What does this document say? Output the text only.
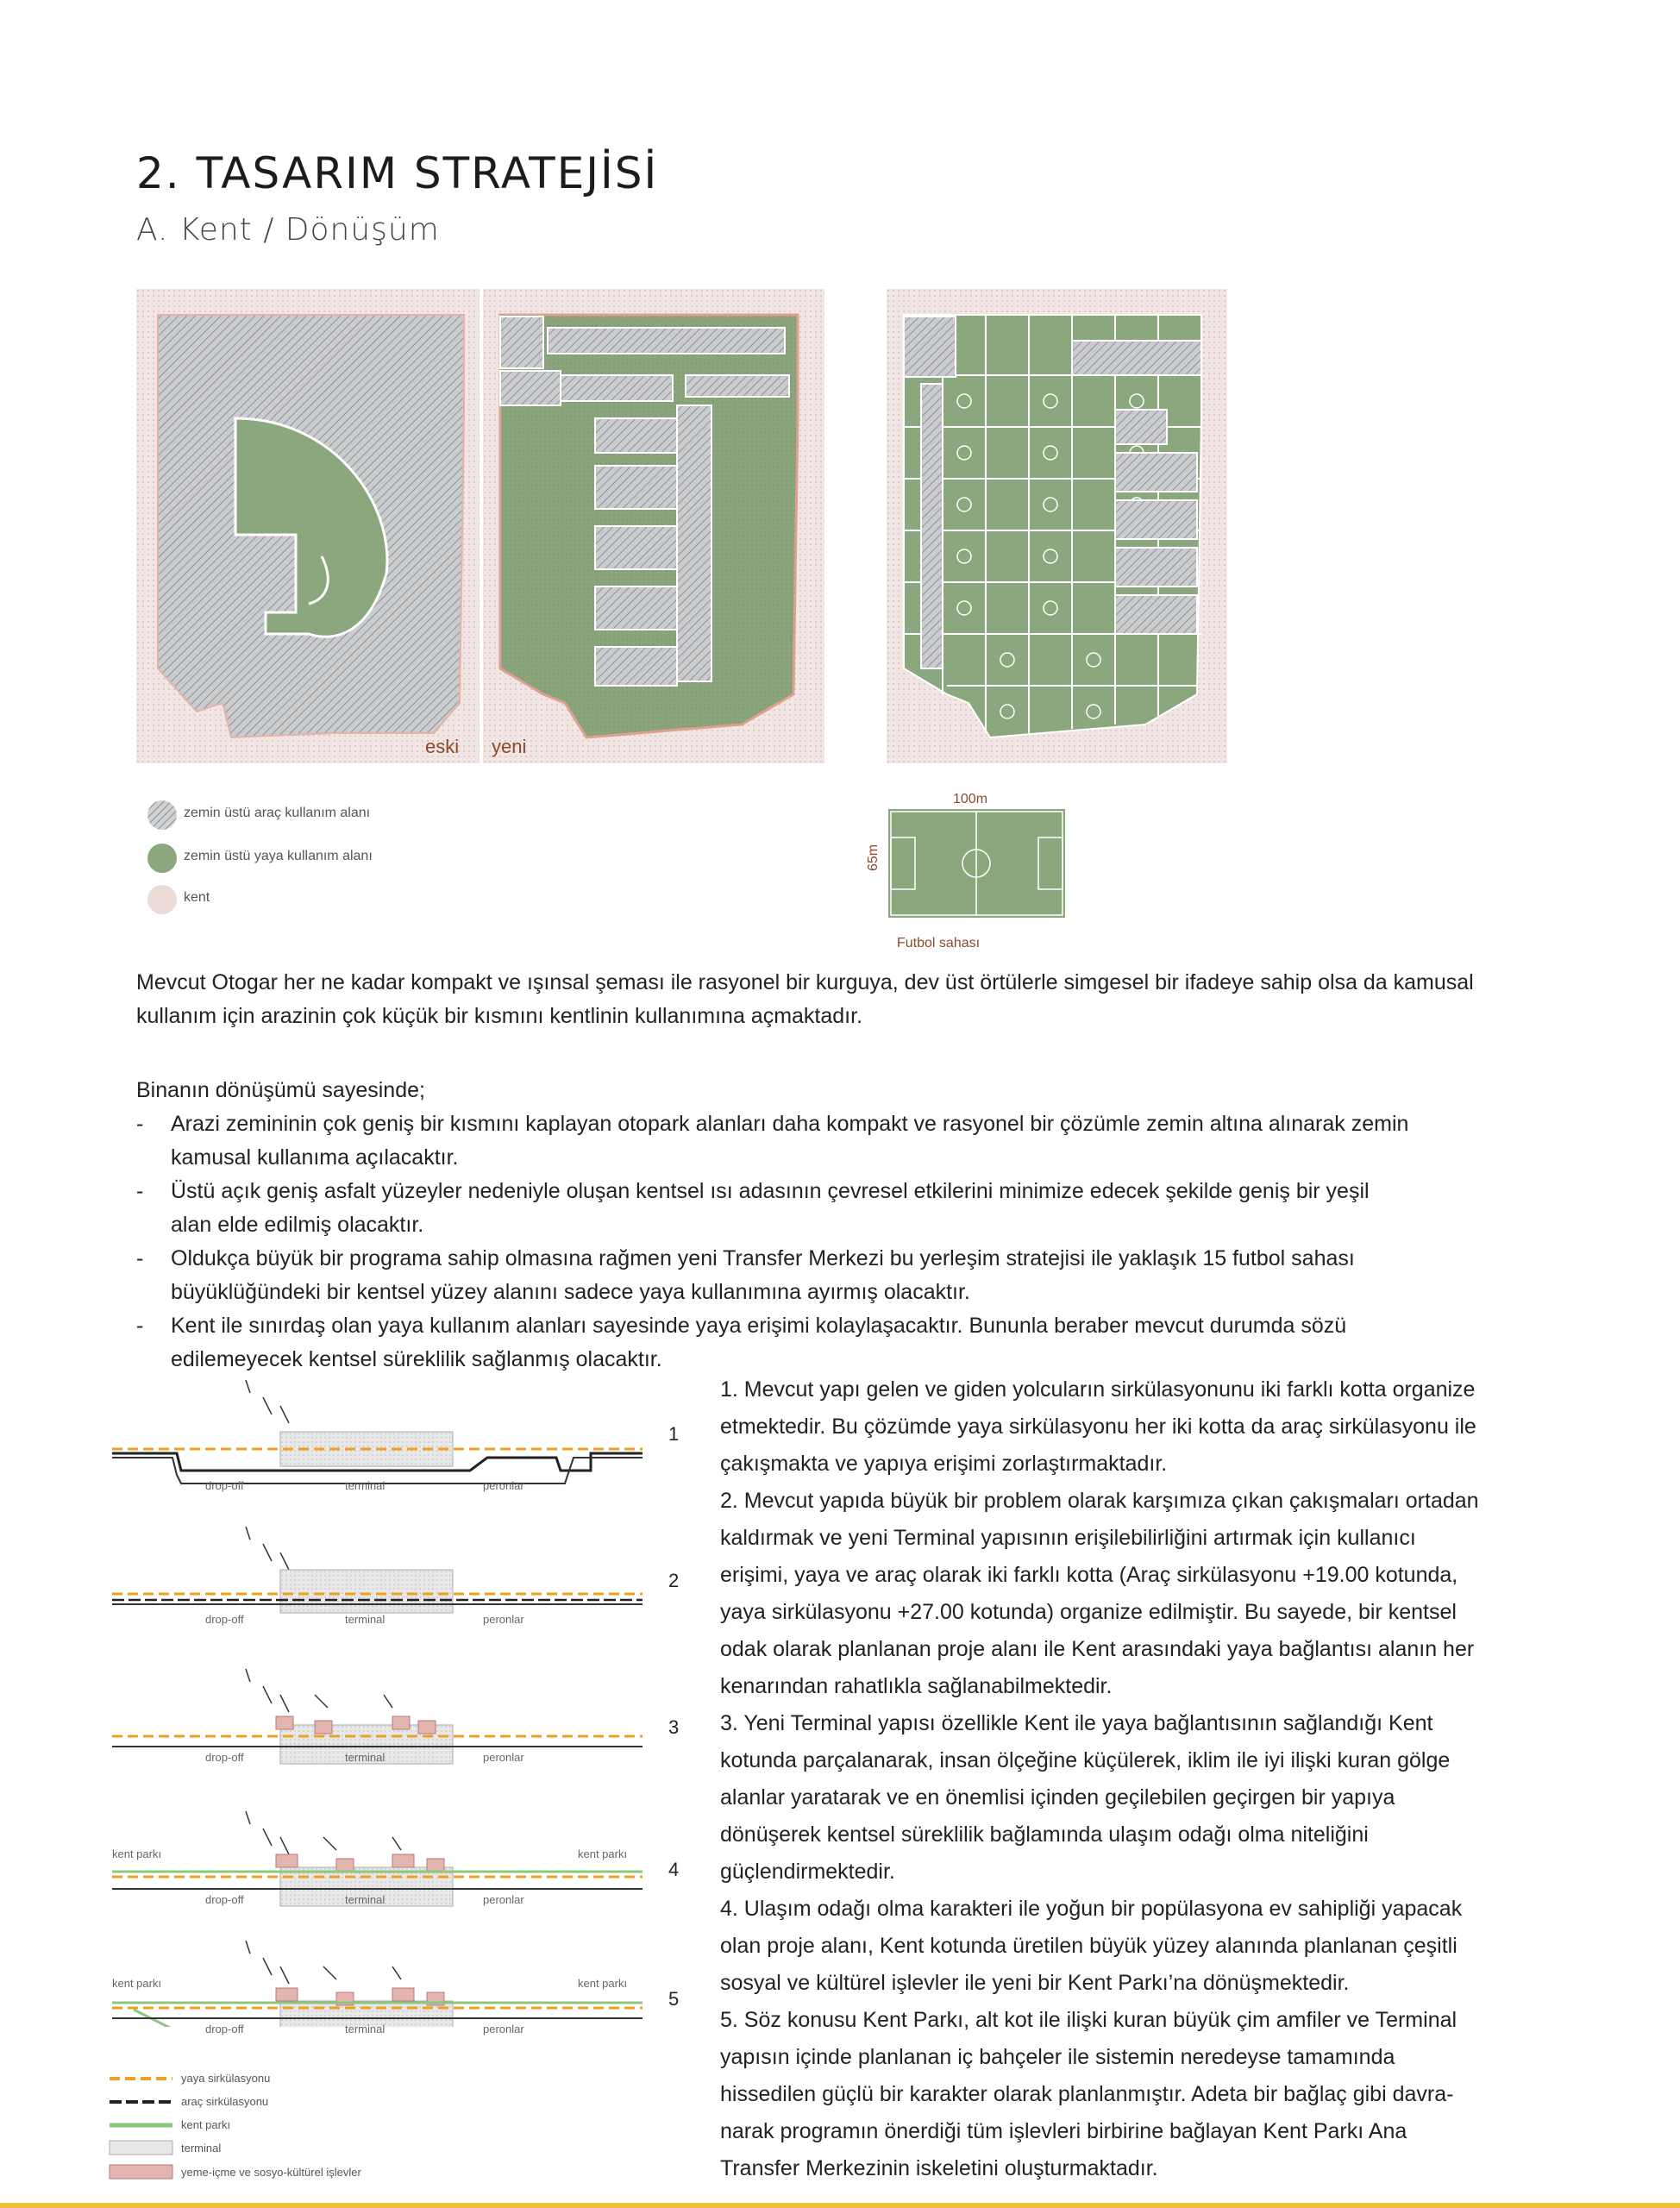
2. TASARIM STRATEJİSİ
A. Kent / Dönüşüm
eski yeni
zemin üstü araç kullanım alanı
zemin üstü yaya kullanım alanı
kent
100m
65m
Futbol sahası
Mevcut Otogar her ne kadar kompakt ve ışınsal şeması ile rasyonel bir kurguya, dev üst örtülerle simgesel bir ifadeye sahip olsa da kamusal kullanım için arazinin çok küçük bir kısmını kentlinin kullanımına açmaktadır.
Binanın dönüşümü sayesinde;
- Arazi zemininin çok geniş bir kısmını kaplayan otopark alanları daha kompakt ve rasyonel bir çözümle zemin altına alınarak zemin
kamusal kullanıma açılacaktır.
- Üstü açık geniş asfalt yüzeyler nedeniyle oluşan kentsel ısı adasının çevresel etkilerini minimize edecek şekilde geniş bir yeşil
alan elde edilmiş olacaktır.
- Oldukça büyük bir programa sahip olmasına rağmen yeni Transfer Merkezi bu yerleşim stratejisi ile yaklaşık 15 futbol sahası
büyüklüğündeki bir kentsel yüzey alanını sadece yaya kullanımına ayırmış olacaktır.
- Kent ile sınırdaş olan yaya kullanım alanları sayesinde yaya erişimi kolaylaşacaktır. Bununla beraber mevcut durumda sözü
edilemeyecek kentsel süreklilik sağlanmış olacaktır.
drop-off	terminal	peronlar
1
drop-off	terminal	peronlar
2
drop-off	terminal	peronlar
3
kent parkı	kent parkı
drop-off	terminal	peronlar
4
kent parkı	kent parkı
drop-off	terminal	peronlar
5
yaya sirkülasyonu
araç sirkülasyonu
kent parkı
terminal
yeme-içme ve sosyo-kültürel işlevler
1. Mevcut yapı gelen ve giden yolcuların sirkülasyonunu iki farklı kotta organize
etmektedir. Bu çözümde yaya sirkülasyonu her iki kotta da araç sirkülasyonu ile
çakışmakta ve yapıya erişimi zorlaştırmaktadır.
2. Mevcut yapıda büyük bir problem olarak karşımıza çıkan çakışmaları ortadan
kaldırmak ve yeni Terminal yapısının erişilebilirliğini artırmak için kullanıcı
erişimi, yaya ve araç olarak iki farklı kotta (Araç sirkülasyonu +19.00 kotunda,
yaya sirkülasyonu +27.00 kotunda) organize edilmiştir. Bu sayede, bir kentsel
odak olarak planlanan proje alanı ile Kent arasındaki yaya bağlantısı alanın her
kenarından rahatlıkla sağlanabilmektedir.
3. Yeni Terminal yapısı özellikle Kent ile yaya bağlantısının sağlandığı Kent
kotunda parçalanarak, insan ölçeğine küçülerek, iklim ile iyi ilişki kuran gölge
alanlar yaratarak ve en önemlisi içinden geçilebilen geçirgen bir yapıya
dönüşerek kentsel süreklilik bağlamında ulaşım odağı olma niteliğini
güçlendirmektedir.
4. Ulaşım odağı olma karakteri ile yoğun bir popülasyona ev sahipliği yapacak
olan proje alanı, Kent kotunda üretilen büyük yüzey alanında planlanan çeşitli
sosyal ve kültürel işlevler ile yeni bir Kent Parkı’na dönüşmektedir.
5. Söz konusu Kent Parkı, alt kot ile ilişki kuran büyük çim amfiler ve Terminal
yapısın içinde planlanan iç bahçeler ile sistemin neredeyse tamamında
hissedilen güçlü bir karakter olarak planlanmıştır. Adeta bir bağlaç gibi davra-
narak programın önerdiği tüm işlevleri birbirine bağlayan Kent Parkı Ana
Transfer Merkezinin iskeletini oluşturmaktadır.
